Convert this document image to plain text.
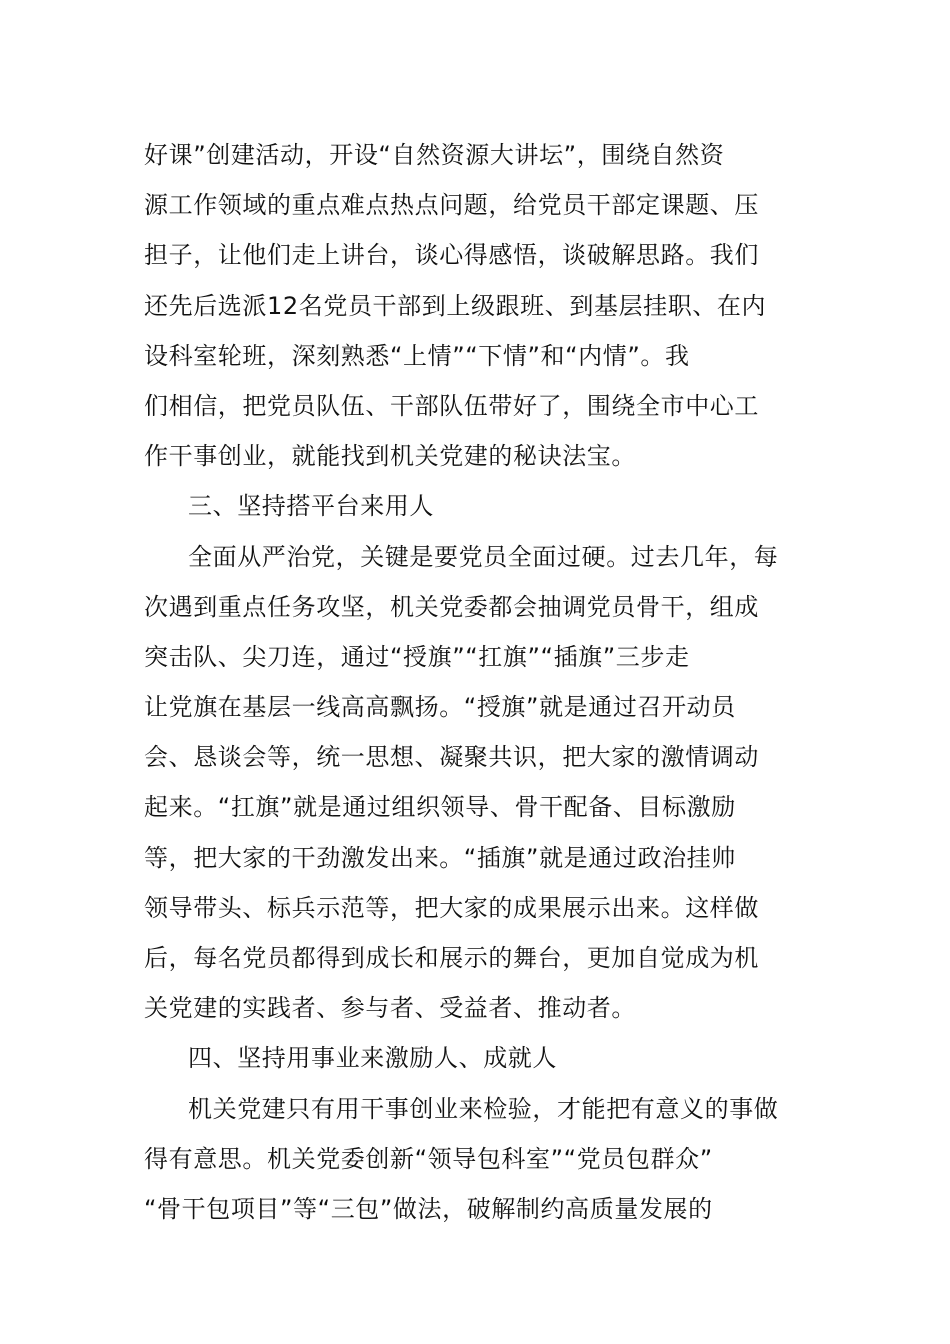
好课”创建活动，开设“自然资源大讲坛”，围绕自然资
源工作领域的重点难点热点问题，给党员干部定课题、压
担子，让他们走上讲台，谈心得感悟，谈破解思路。我们
还先后选派12名党员干部到上级跟班、到基层挂职、在内
设科室轮班，深刻熟悉“上情”“下情”和“内情”。我
们相信，把党员队伍、干部队伍带好了，围绕全市中心工
作干事创业，就能找到机关党建的秘诀法宝。
三、坚持搭平台来用人
全面从严治党，关键是要党员全面过硬。过去几年，每
次遇到重点任务攻坚，机关党委都会抽调党员骨干，组成
突击队、尖刀连，通过“授旗”“扛旗”“插旗”三步走
让党旗在基层一线高高飘扬。“授旗”就是通过召开动员
会、恳谈会等，统一思想、凝聚共识，把大家的激情调动
起来。“扛旗”就是通过组织领导、骨干配备、目标激励
等，把大家的干劲激发出来。“插旗”就是通过政治挂帅
领导带头、标兵示范等，把大家的成果展示出来。这样做
后，每名党员都得到成长和展示的舞台，更加自觉成为机
关党建的实践者、参与者、受益者、推动者。
四、坚持用事业来激励人、成就人
机关党建只有用干事创业来检验，才能把有意义的事做
得有意思。机关党委创新“领导包科室”“党员包群众”
“骨干包项目”等“三包”做法，破解制约高质量发展的
